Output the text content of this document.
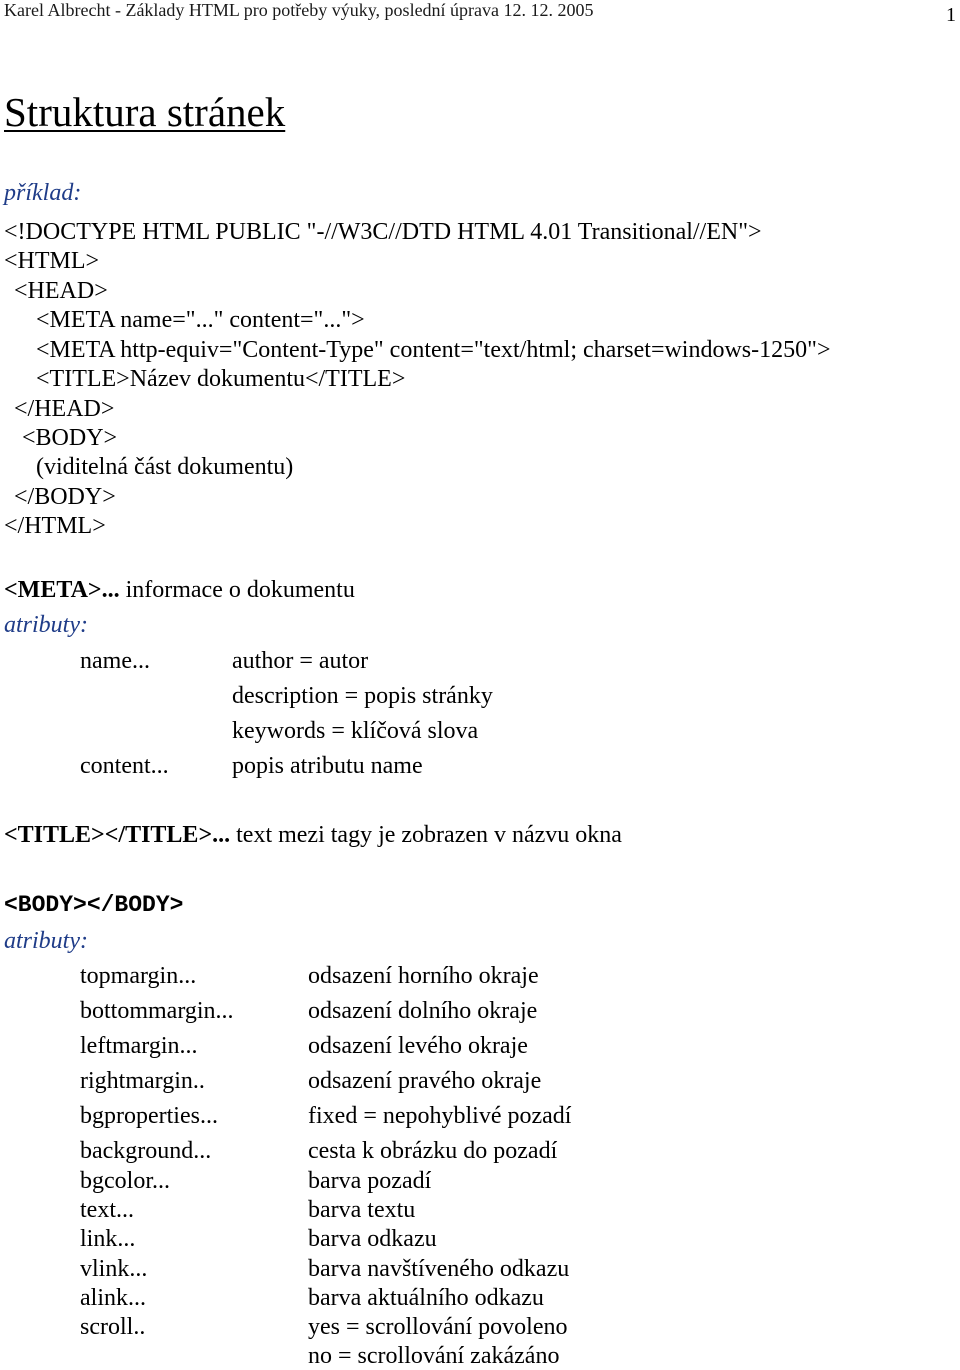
Karel Albrecht - Základy HTML pro potřeby výuky, poslední úprava 12. 12. 2005	1
Struktura stránek
příklad:
<!DOCTYPE HTML PUBLIC "-//W3C//DTD HTML 4.01 Transitional//EN">
<HTML>
<HEAD>
<META name="..." content="...">
<META http-equiv="Content-Type" content="text/html; charset=windows-1250">
<TITLE>Název dokumentu</TITLE>
</HEAD>
<BODY>
(viditelná část dokumentu)
</BODY>
</HTML>
<META>... informace o dokumentu
atributy:
name...	author = autor
description = popis stránky
keywords = klíčová slova
content...	popis atributu name
<TITLE></TITLE>... text mezi tagy je zobrazen v názvu okna
<BODY></BODY>
atributy:
topmargin...	odsazení horního okraje
bottommargin...	odsazení dolního okraje
leftmargin...	odsazení levého okraje
rightmargin..	odsazení pravého okraje
bgproperties...	fixed = nepohyblivé pozadí
background...	cesta k obrázku do pozadí
bgcolor...	barva pozadí
text...	barva textu
link...	barva odkazu
vlink...	barva navštíveného odkazu
alink...	barva aktuálního odkazu
scroll..	yes = scrollování povoleno
no = scrollování zakázáno
